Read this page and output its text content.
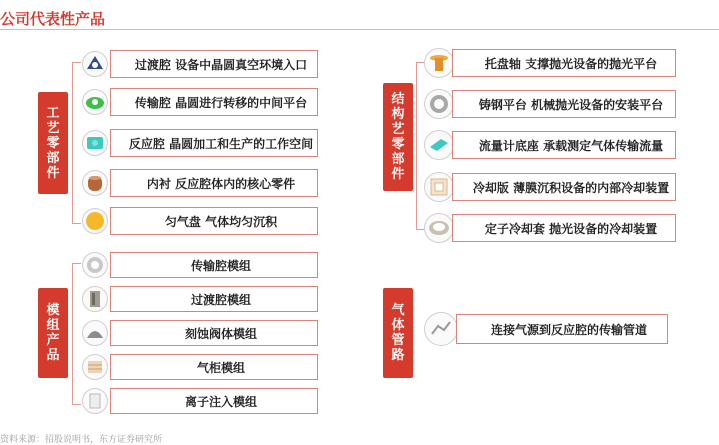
公司代表性产品
工艺零部件
过渡腔 设备中晶圆真空环境入口
传输腔 晶圆进行转移的中间平台
反应腔 晶圆加工和生产的工作空间
内衬 反应腔体内的核心零件
匀气盘 气体均匀沉积
模组产品
传输腔模组
过渡腔模组
刻蚀阀体模组
气柜模组
离子注入模组
结构艺零部件
托盘轴 支撑抛光设备的抛光平台
铸钢平台 机械抛光设备的安装平台
流量计底座 承载测定气体传输流量
冷却版 薄膜沉积设备的内部冷却装置
定子冷却套 抛光设备的冷却装置
气体管路
连接气源到反应腔的传输管道
资料来源：招股说明书，东方证券研究所
